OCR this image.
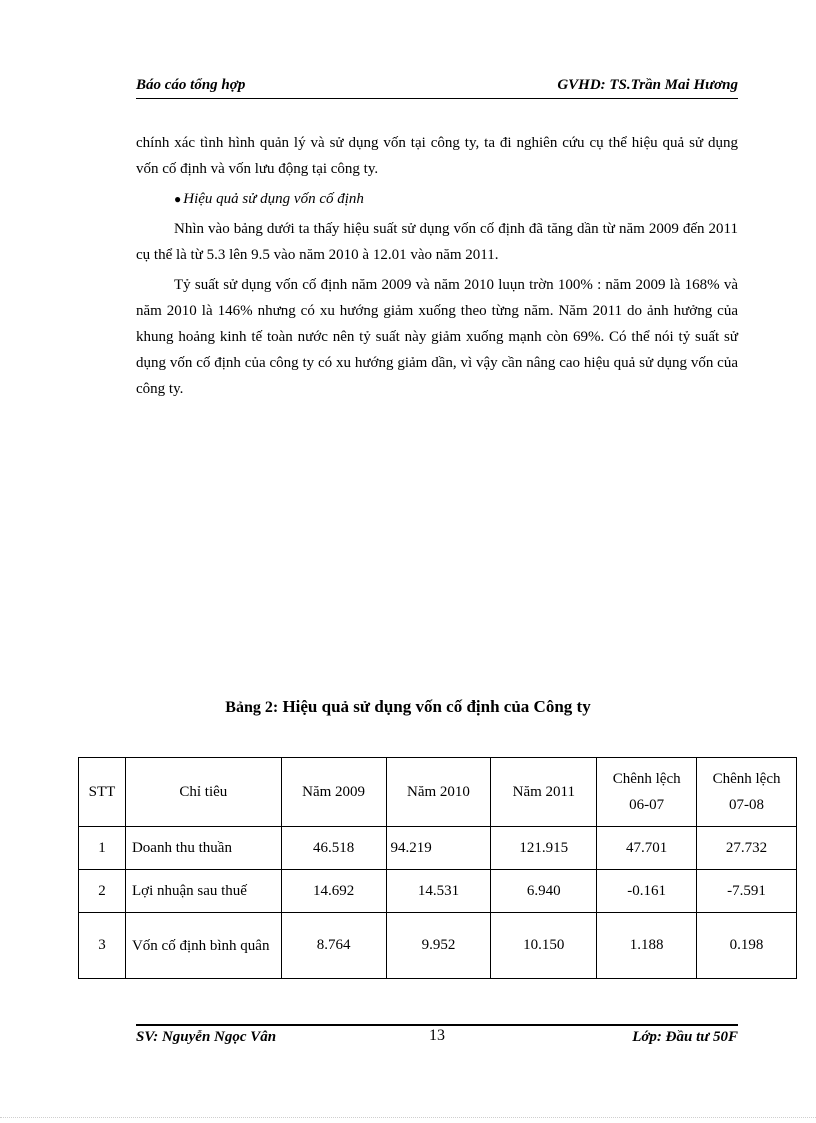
Báo cáo tổng hợp	GVHD: TS.Trần Mai Hương

chính xác tình hình quản lý và sử dụng vốn tại công ty, ta đi nghiên cứu cụ thể hiệu quả sử dụng vốn cố định và vốn lưu động tại công ty.

● Hiệu quả sử dụng vốn cố định

Nhìn vào bảng dưới ta thấy hiệu suất sử dụng vốn cố định đã tăng dần từ năm 2009 đến 2011 cụ thể là từ 5.3 lên 9.5 vào năm 2010 à 12.01 vào năm 2011.

Tỷ suất sử dụng vốn cố định năm 2009 và năm 2010 luụn trờn 100% : năm 2009 là 168% và năm 2010 là 146% nhưng có xu hướng giảm xuống theo từng năm. Năm 2011 do ảnh hưởng của khung hoảng kinh tế toàn nước nên tỷ suất này giảm xuống mạnh còn 69%. Có thể nói tỷ suất sử dụng vốn cố định của công ty có xu hướng giảm dần, vì vậy cần nâng cao hiệu quả sử dụng vốn của công ty.

Bảng 2: Hiệu quả sử dụng vốn cố định của Công ty
STT	Chỉ tiêu	Năm 2009	Năm 2010	Năm 2011	Chênh lệch 06-07	Chênh lệch 07-08
1	Doanh thu thuần	46.518	94.219	121.915	47.701	27.732
2	Lợi nhuận sau thuế	14.692	14.531	6.940	-0.161	-7.591
3	Vốn cố định bình quân	8.764	9.952	10.150	1.188	0.198
SV: Nguyễn Ngọc Vân	13	Lớp: Đầu tư 50F
